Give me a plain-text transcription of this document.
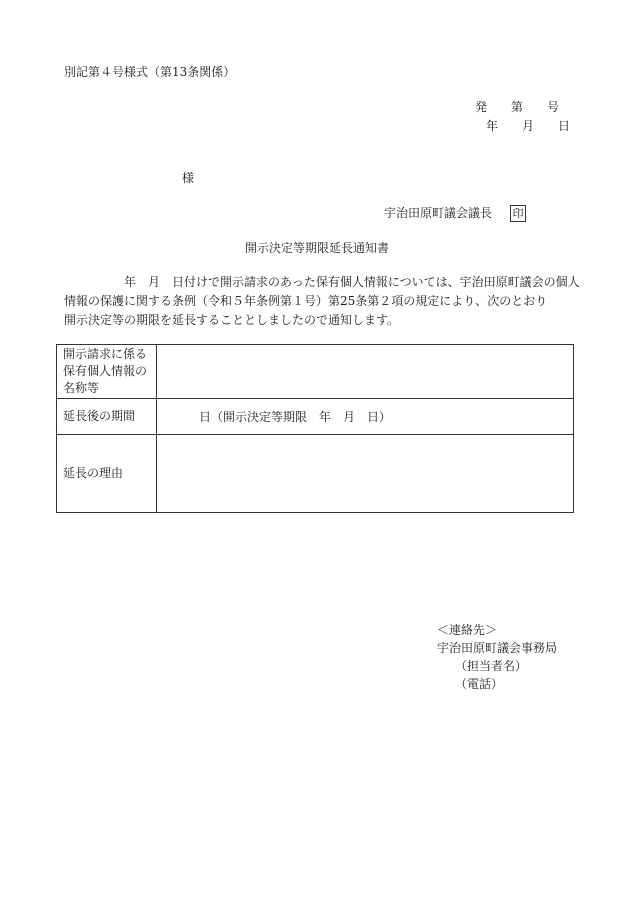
別記第４号様式（第13条関係）
発　　第　　号
年　　月　　日
様
宇治田原町議会議長 印
開示決定等期限延長通知書
　　　　　年　月　日付けで開示請求のあった保有個人情報については、宇治田原町議会の個人
情報の保護に関する条例（令和５年条例第１号）第25条第２項の規定により、次のとおり
開示決定等の期限を延長することとしましたので通知します。
開示請求に係る
保有個人情報の
名称等	

延長後の期間	　　　日（開示決定等期限　年　月　日）

延長の理由	

＜連絡先＞
宇治田原町議会事務局
（担当者名）
（電話）
